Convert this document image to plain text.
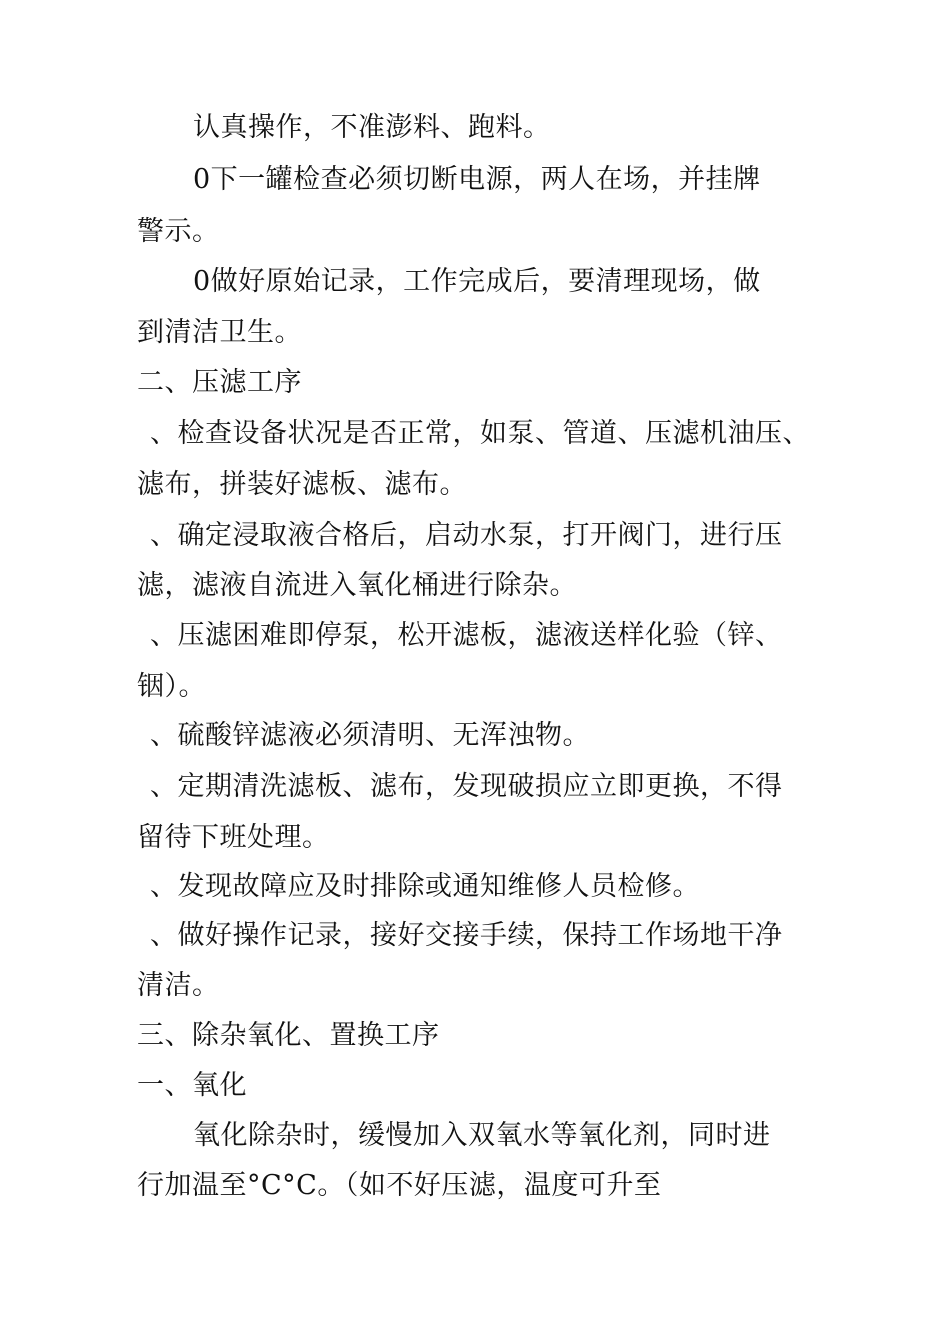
认真操作，不准澎料、跑料。
0下一罐检查必须切断电源，两人在场，并挂牌
警示。
0做好原始记录，工作完成后，要清理现场，做
到清洁卫生。
二、压滤工序
、检查设备状况是否正常，如泵、管道、压滤机油压、
滤布，拼装好滤板、滤布。
、确定浸取液合格后，启动水泵，打开阀门，进行压
滤，滤液自流进入氧化桶进行除杂。
、压滤困难即停泵，松开滤板，滤液送样化验（锌、
铟）。
、硫酸锌滤液必须清明、无浑浊物。
、定期清洗滤板、滤布，发现破损应立即更换，不得
留待下班处理。
、发现故障应及时排除或通知维修人员检修。
、做好操作记录，接好交接手续，保持工作场地干净
清洁。
三、除杂氧化、置换工序
一、氧化
氧化除杂时，缓慢加入双氧水等氧化剂，同时进
行加温至°C°C。（如不好压滤，温度可升至
